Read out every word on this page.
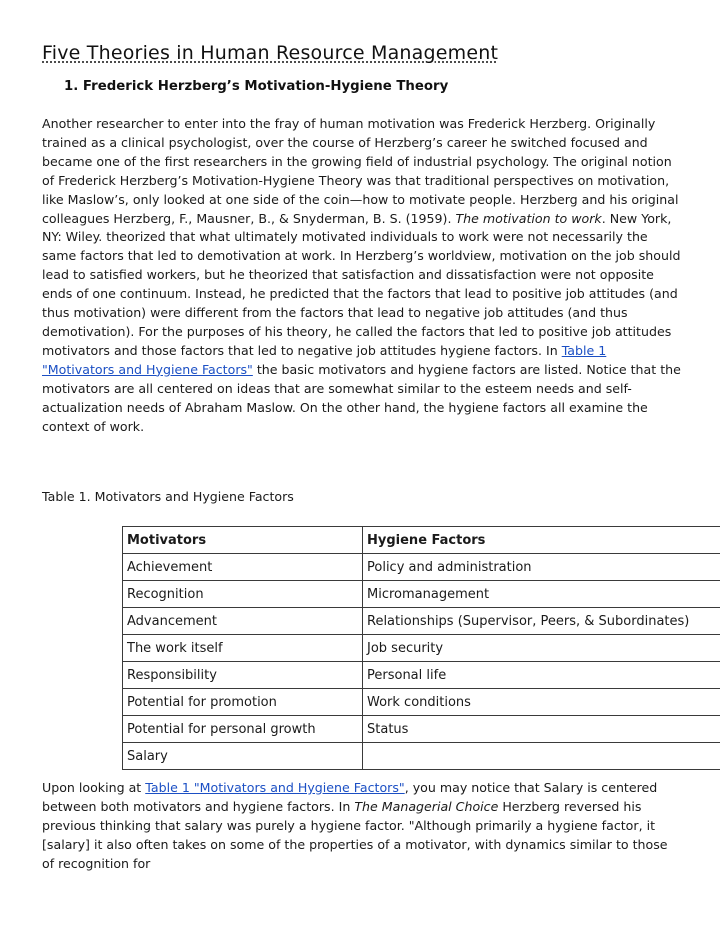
Five Theories in Human Resource Management
1. Frederick Herzberg’s Motivation-Hygiene Theory

Another researcher to enter into the fray of human motivation was Frederick Herzberg. Originally trained as a clinical psychologist, over the course of Herzberg’s career he switched focused and became one of the first researchers in the growing field of industrial psychology. The original notion of Frederick Herzberg’s Motivation-Hygiene Theory was that traditional perspectives on motivation, like Maslow’s, only looked at one side of the coin—how to motivate people. Herzberg and his original colleagues Herzberg, F., Mausner, B., & Snyderman, B. S. (1959). The motivation to work. New York, NY: Wiley. theorized that what ultimately motivated individuals to work were not necessarily the same factors that led to demotivation at work. In Herzberg’s worldview, motivation on the job should lead to satisfied workers, but he theorized that satisfaction and dissatisfaction were not opposite ends of one continuum. Instead, he predicted that the factors that lead to positive job attitudes (and thus motivation) were different from the factors that lead to negative job attitudes (and thus demotivation). For the purposes of his theory, he called the factors that led to positive job attitudes motivators and those factors that led to negative job attitudes hygiene factors. In Table 1 "Motivators and Hygiene Factors" the basic motivators and hygiene factors are listed. Notice that the motivators are all centered on ideas that are somewhat similar to the esteem needs and self-actualization needs of Abraham Maslow. On the other hand, the hygiene factors all examine the context of work.

Table 1. Motivators and Hygiene Factors

Motivators	Hygiene Factors
Achievement	Policy and administration
Recognition	Micromanagement
Advancement	Relationships (Supervisor, Peers, & Subordinates)
The work itself	Job security
Responsibility	Personal life
Potential for promotion	Work conditions
Potential for personal growth	Status
Salary	

Upon looking at Table 1 "Motivators and Hygiene Factors", you may notice that Salary is centered between both motivators and hygiene factors. In The Managerial Choice Herzberg reversed his previous thinking that salary was purely a hygiene factor. "Although primarily a hygiene factor, it [salary] it also often takes on some of the properties of a motivator, with dynamics similar to those of recognition for
